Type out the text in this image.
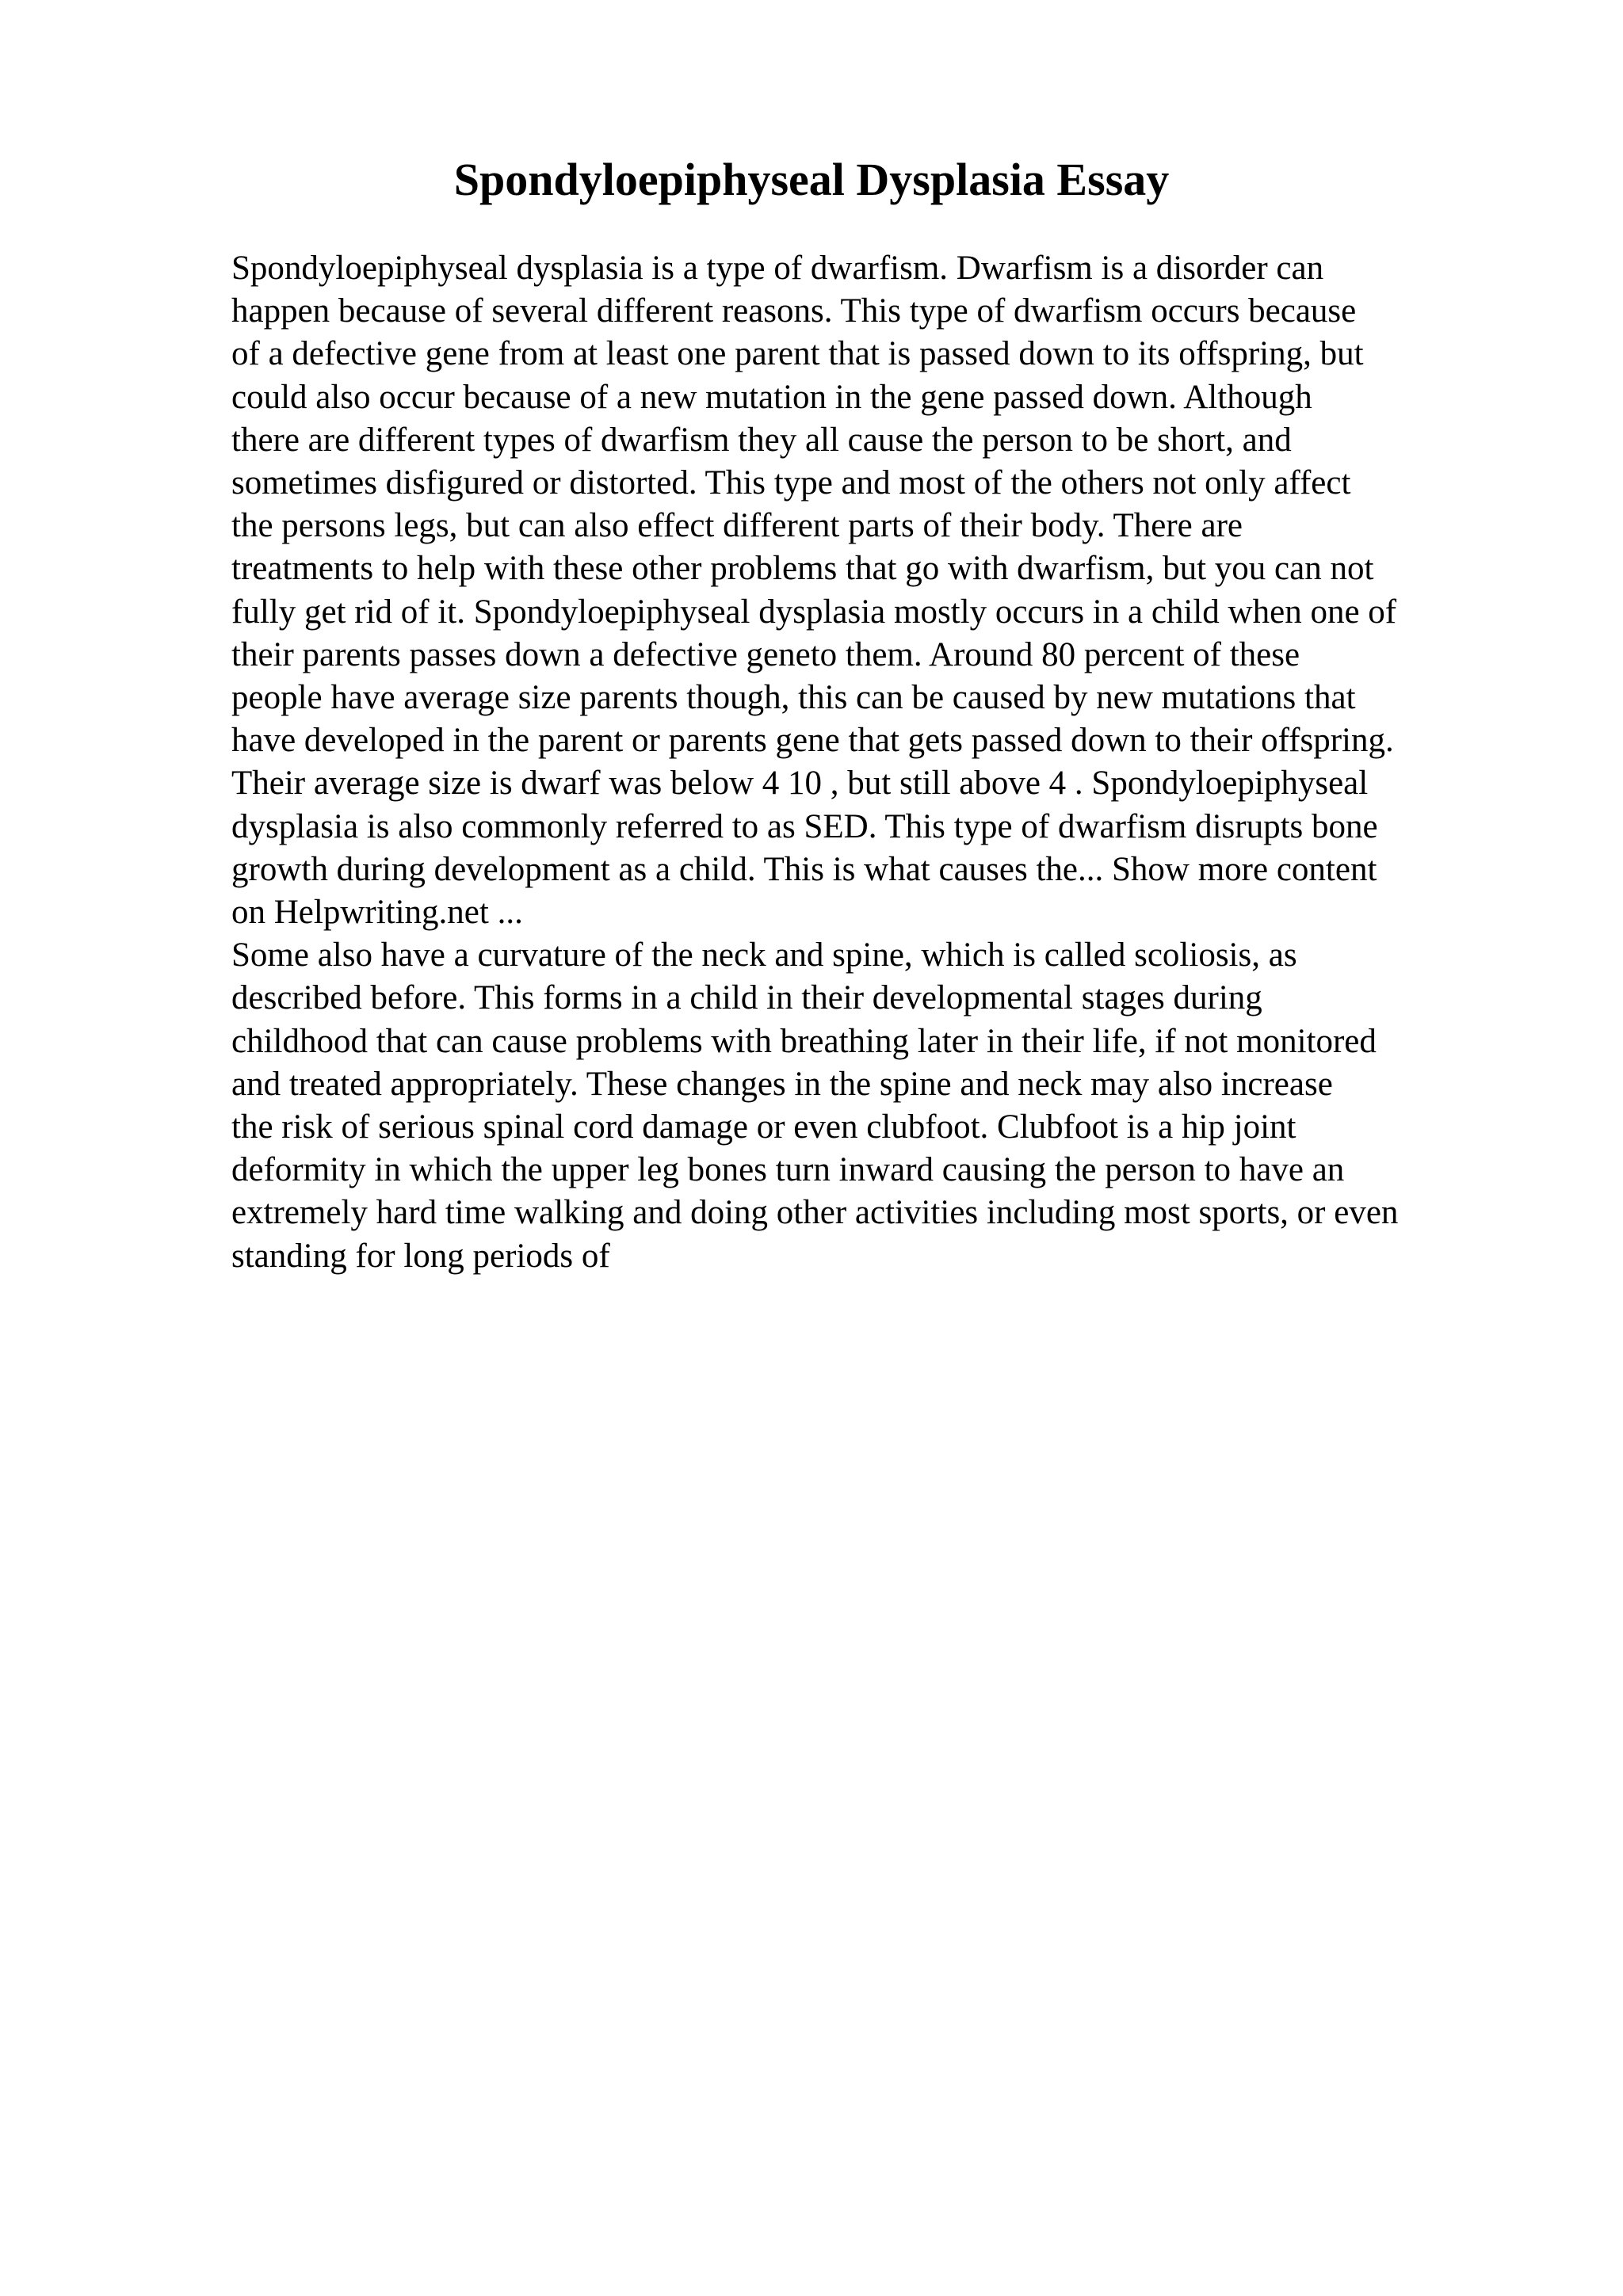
Spondyloepiphyseal Dysplasia Essay
Spondyloepiphyseal dysplasia is a type of dwarfism. Dwarfism is a disorder can
happen because of several different reasons. This type of dwarfism occurs because
of a defective gene from at least one parent that is passed down to its offspring, but
could also occur because of a new mutation in the gene passed down. Although
there are different types of dwarfism they all cause the person to be short, and
sometimes disfigured or distorted. This type and most of the others not only affect
the persons legs, but can also effect different parts of their body. There are
treatments to help with these other problems that go with dwarfism, but you can not
fully get rid of it. Spondyloepiphyseal dysplasia mostly occurs in a child when one of
their parents passes down a defective geneto them. Around 80 percent of these
people have average size parents though, this can be caused by new mutations that
have developed in the parent or parents gene that gets passed down to their offspring.
Their average size is dwarf was below 4 10 , but still above 4 . Spondyloepiphyseal
dysplasia is also commonly referred to as SED. This type of dwarfism disrupts bone
growth during development as a child. This is what causes the... Show more content
on Helpwriting.net ...
Some also have a curvature of the neck and spine, which is called scoliosis, as
described before. This forms in a child in their developmental stages during
childhood that can cause problems with breathing later in their life, if not monitored
and treated appropriately. These changes in the spine and neck may also increase
the risk of serious spinal cord damage or even clubfoot. Clubfoot is a hip joint
deformity in which the upper leg bones turn inward causing the person to have an
extremely hard time walking and doing other activities including most sports, or even
standing for long periods of
